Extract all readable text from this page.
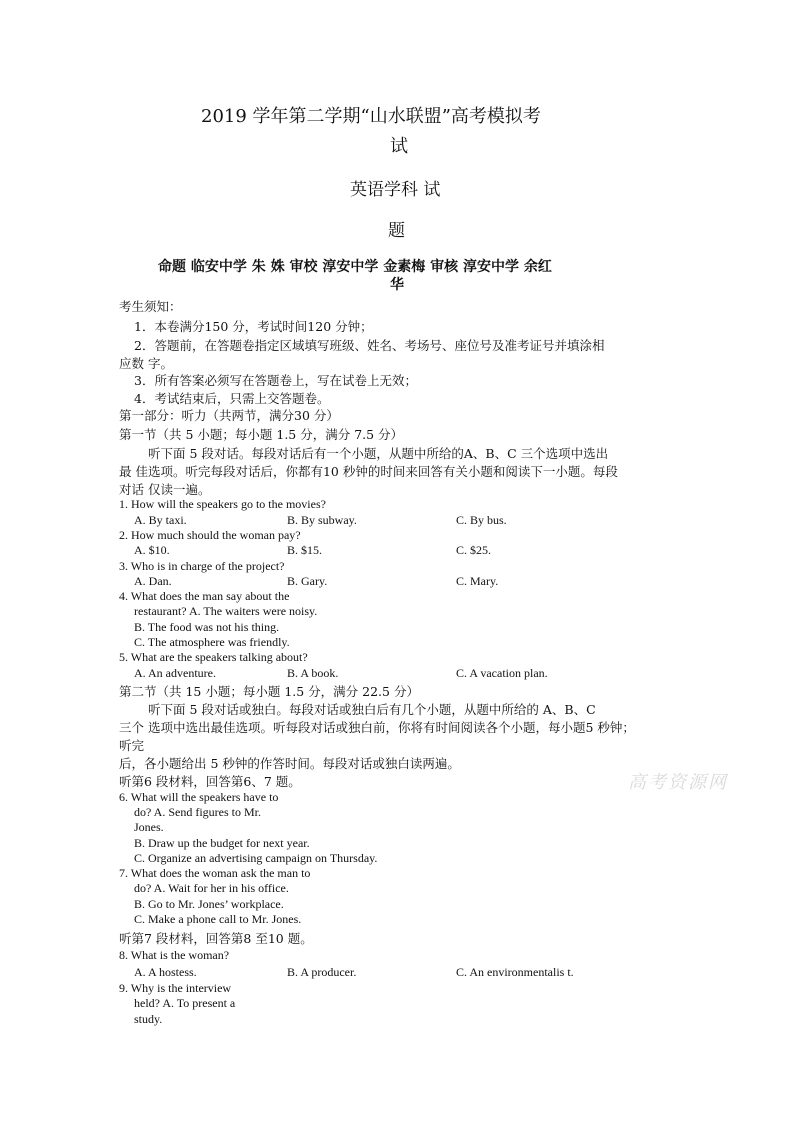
2019 学年第二学期“山水联盟”高考模拟考
试
英语学科 试
题
命题 临安中学 朱 姝 审校 淳安中学 金素梅 审核 淳安中学 余红
华
考生须知：
1．本卷满分150 分，考试时间120 分钟；
2．答题前，在答题卷指定区域填写班级、姓名、考场号、座位号及准考证号并填涂相
应数 字。
3．所有答案必须写在答题卷上，写在试卷上无效；
4．考试结束后，只需上交答题卷。
第一部分：听力（共两节，满分30 分）
第一节（共 5 小题；每小题 1.5 分，满分 7.5 分）
听下面 5 段对话。每段对话后有一个小题，从题中所给的A、B、C 三个选项中选出
最 佳选项。听完每段对话后，你都有10 秒钟的时间来回答有关小题和阅读下一小题。每段
对话 仅读一遍。
1. How will the speakers go to the movies?
A. By taxi.	B. By subway.	C. By bus.
2. How much should the woman pay?
A. $10.	B. $15.	C. $25.
3. Who is in charge of the project?
A. Dan.	B. Gary.	C. Mary.
4. What does the man say about the
restaurant? A. The waiters were noisy.
B. The food was not his thing.
C. The atmosphere was friendly.
5. What are the speakers talking about?
A. An adventure.	B. A book.	C. A vacation plan.
第二节（共 15 小题；每小题 1.5 分，满分 22.5 分）
听下面 5 段对话或独白。每段对话或独白后有几个小题，从题中所给的 A、B、C
三个 选项中选出最佳选项。听每段对话或独白前，你将有时间阅读各个小题，每小题5 秒钟；
听完
后，各小题给出 5 秒钟的作答时间。每段对话或独白读两遍。
高考资源网
听第6 段材料，回答第6、7 题。
6. What will the speakers have to
do? A. Send figures to Mr.
Jones.
B. Draw up the budget for next year.
C. Organize an advertising campaign on Thursday.
7. What does the woman ask the man to
do? A. Wait for her in his office.
B. Go to Mr. Jones’ workplace.
C. Make a phone call to Mr. Jones.
听第7 段材料，回答第8 至10 题。
8. What is the woman?
A. A hostess.	B. A producer.	C. An environmentalis t.
9. Why is the interview
held? A. To present a
study.
